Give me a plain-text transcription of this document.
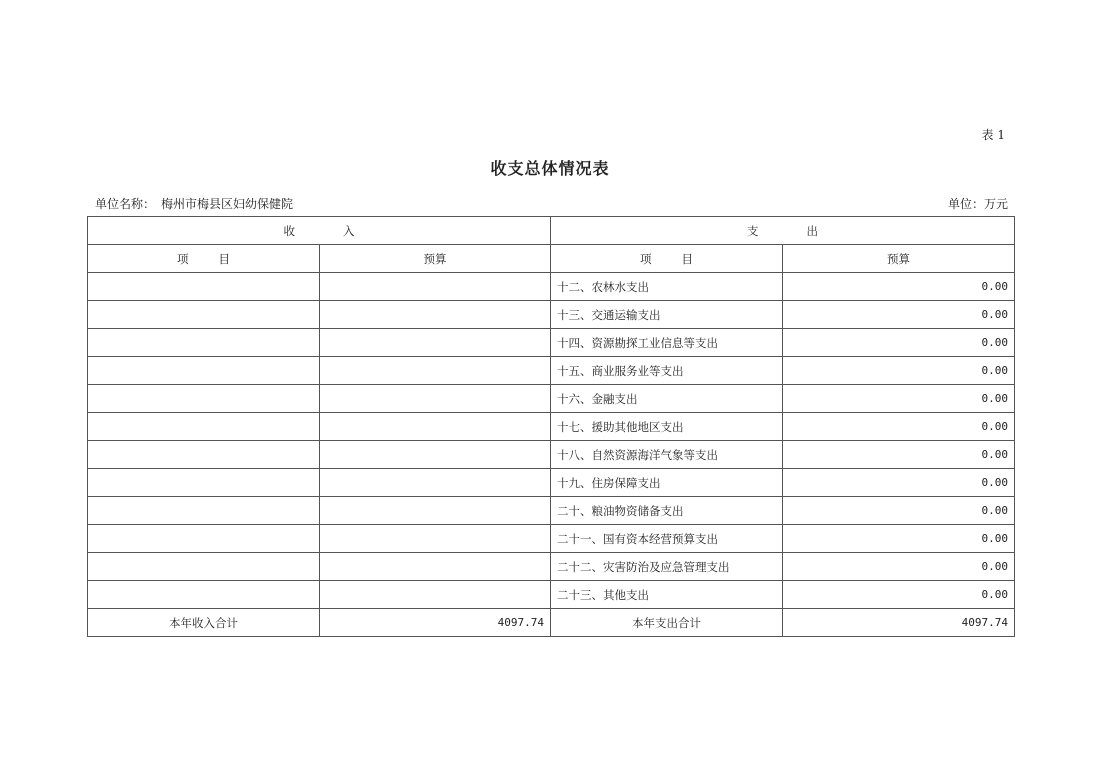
表 1
收支总体情况表
单位名称： 梅州市梅县区妇幼保健院	单位：万元
收 入		支 出	
项 目	预算	项 目	预算
		十二、农林水支出	0.00
		十三、交通运输支出	0.00
		十四、资源勘探工业信息等支出	0.00
		十五、商业服务业等支出	0.00
		十六、金融支出	0.00
		十七、援助其他地区支出	0.00
		十八、自然资源海洋气象等支出	0.00
		十九、住房保障支出	0.00
		二十、粮油物资储备支出	0.00
		二十一、国有资本经营预算支出	0.00
		二十二、灾害防治及应急管理支出	0.00
		二十三、其他支出	0.00
本年收入合计	4097.74	本年支出合计	4097.74
